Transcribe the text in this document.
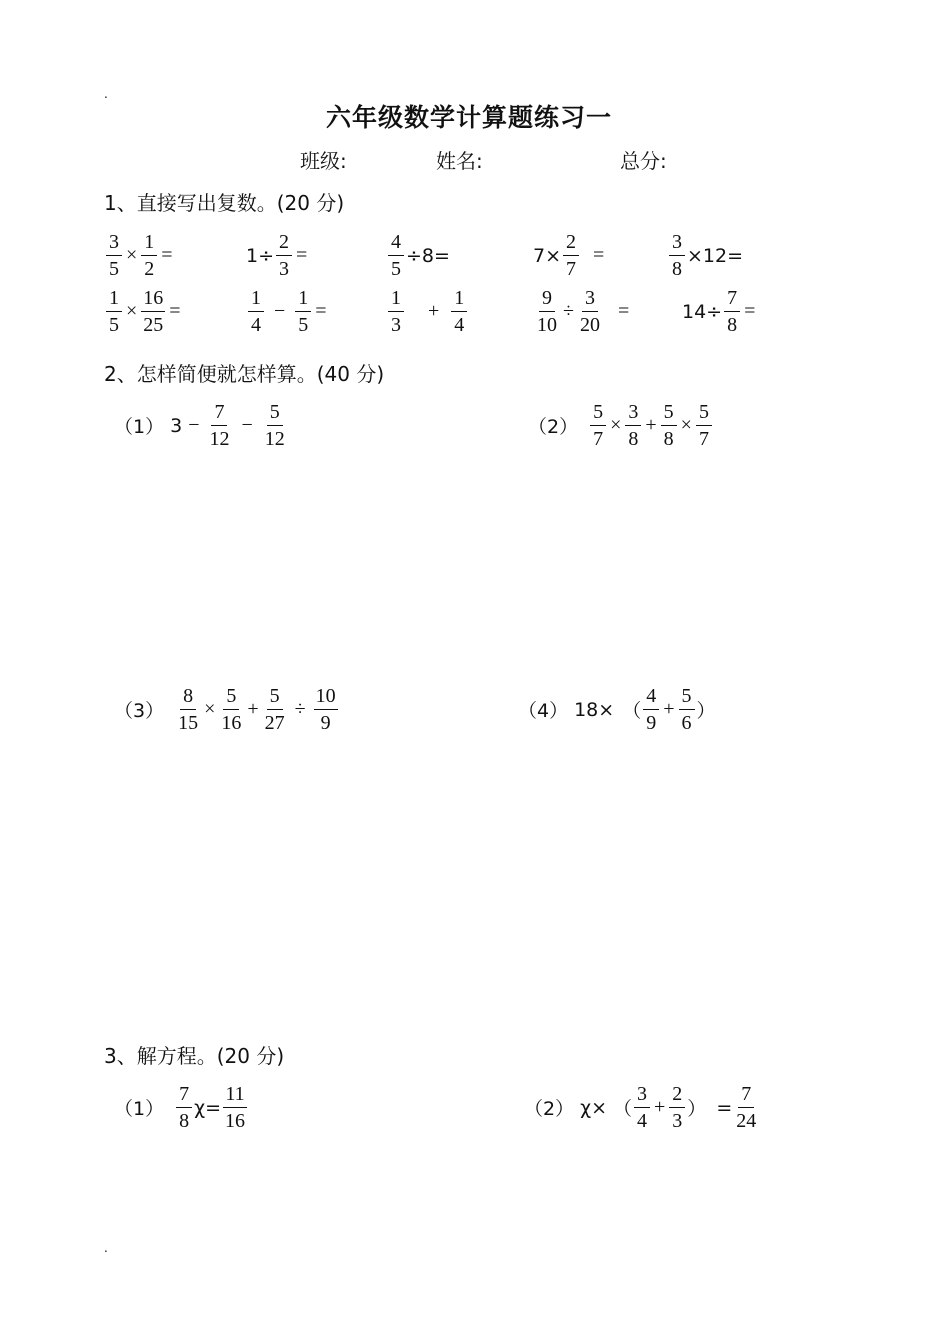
.
.
六年级数学计算题练习一
班级:	姓名:	总分:
1、直接写出复数。(20 分)
$\frac{3}{5} \times \frac{1}{2}$ =	$1\div \frac{2}{3}$ =	$\frac{4}{5} \div 8=$	$7\times \frac{2}{7}$ =	$\frac{3}{8} \times 12=$
$\frac{1}{5} \times \frac{16}{25}$ =	$\frac{1}{4} - \frac{1}{5}$ =	$\frac{1}{3} + \frac{1}{4}$	$\frac{9}{10} \div \frac{3}{20}$ =	$14\div \frac{7}{8}$ =
2、怎样简便就怎样算。(40 分)
（1） $3 - \frac{7}{12} - \frac{5}{12}$	$(2) \frac{5}{7} \times \frac{3}{8} + \frac{5}{8} \times \frac{5}{7}$
$(3) \frac{8}{15} \times \frac{5}{16} + \frac{5}{27} \div \frac{10}{9}$	（4） 18× （ $\frac{4}{9} + \frac{5}{6}$ ）
3、解方程。(20 分)
$(1) \frac{7}{8} \chi= \frac{11}{16}$	（2） χ× （ $\frac{3}{4} + \frac{2}{3}$ ） = $\frac{7}{24}$
